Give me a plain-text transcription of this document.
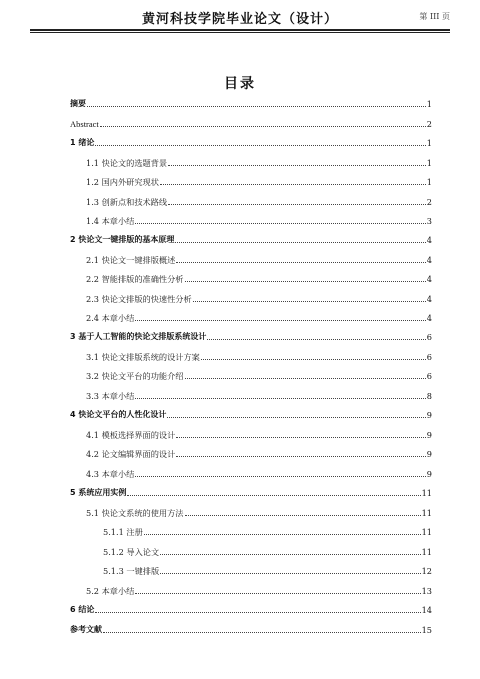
黄河科技学院毕业论文（设计）	第 III 页
目录
摘要	1
Abstract	2
1 绪论	1
1.1 快论文的选题背景	1
1.2 国内外研究现状	1
1.3 创新点和技术路线	2
1.4 本章小结	3
2 快论文一键排版的基本原理	4
2.1 快论文一键排版概述	4
2.2 智能排版的准确性分析	4
2.3 快论文排版的快速性分析	4
2.4 本章小结	4
3 基于人工智能的快论文排版系统设计	6
3.1 快论文排版系统的设计方案	6
3.2 快论文平台的功能介绍	6
3.3 本章小结	8
4 快论文平台的人性化设计	9
4.1 模板选择界面的设计	9
4.2 论文编辑界面的设计	9
4.3 本章小结	9
5 系统应用实例	11
5.1 快论文系统的使用方法	11
5.1.1 注册	11
5.1.2 导入论文	11
5.1.3 一键排版	12
5.2 本章小结	13
6 结论	14
参考文献	15
